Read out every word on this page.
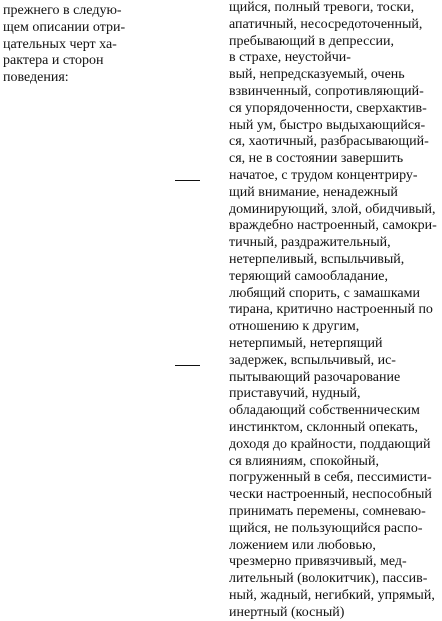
прежнего в следую-
щем описании отри-
цательных черт ха-
рактера и сторон
поведения:
щийся, полный тревоги, тоски,
апатичный, несосредоточенный,
пребывающий в депрессии,
в страхе, неустойчи-
вый, непредсказуемый, очень
взвинченный, сопротивляющий-
ся упорядоченности, сверхактив-
ный ум, быстро выдыхающийся-
ся, хаотичный, разбрасывающий-
ся, не в состоянии завершить
начатое, с трудом концентриру-
щий внимание, ненадежный
доминирующий, злой, обидчивый,
враждебно настроенный, самокри-
тичный, раздражительный,
нетерпеливый, вспыльчивый,
теряющий самообладание,
любящий спорить, с замашками
тирана, критично настроенный по
отношению к другим,
нетерпимый, нетерпящий
задержек, вспыльчивый, ис-
пытывающий разочарование
приставучий, нудный,
обладающий собственническим
инстинктом, склонный опекать,
доходя до крайности, поддающий
ся влияниям, спокойный,
погруженный в себя, пессимисти-
чески настроенный, неспособный
принимать перемены, сомневаю-
щийся, не пользующийся распо-
ложением или любовью,
чрезмерно привязчивый, мед-
лительный (волокитчик), пассив-
ный, жадный, негибкий, упрямый,
инертный (косный)
